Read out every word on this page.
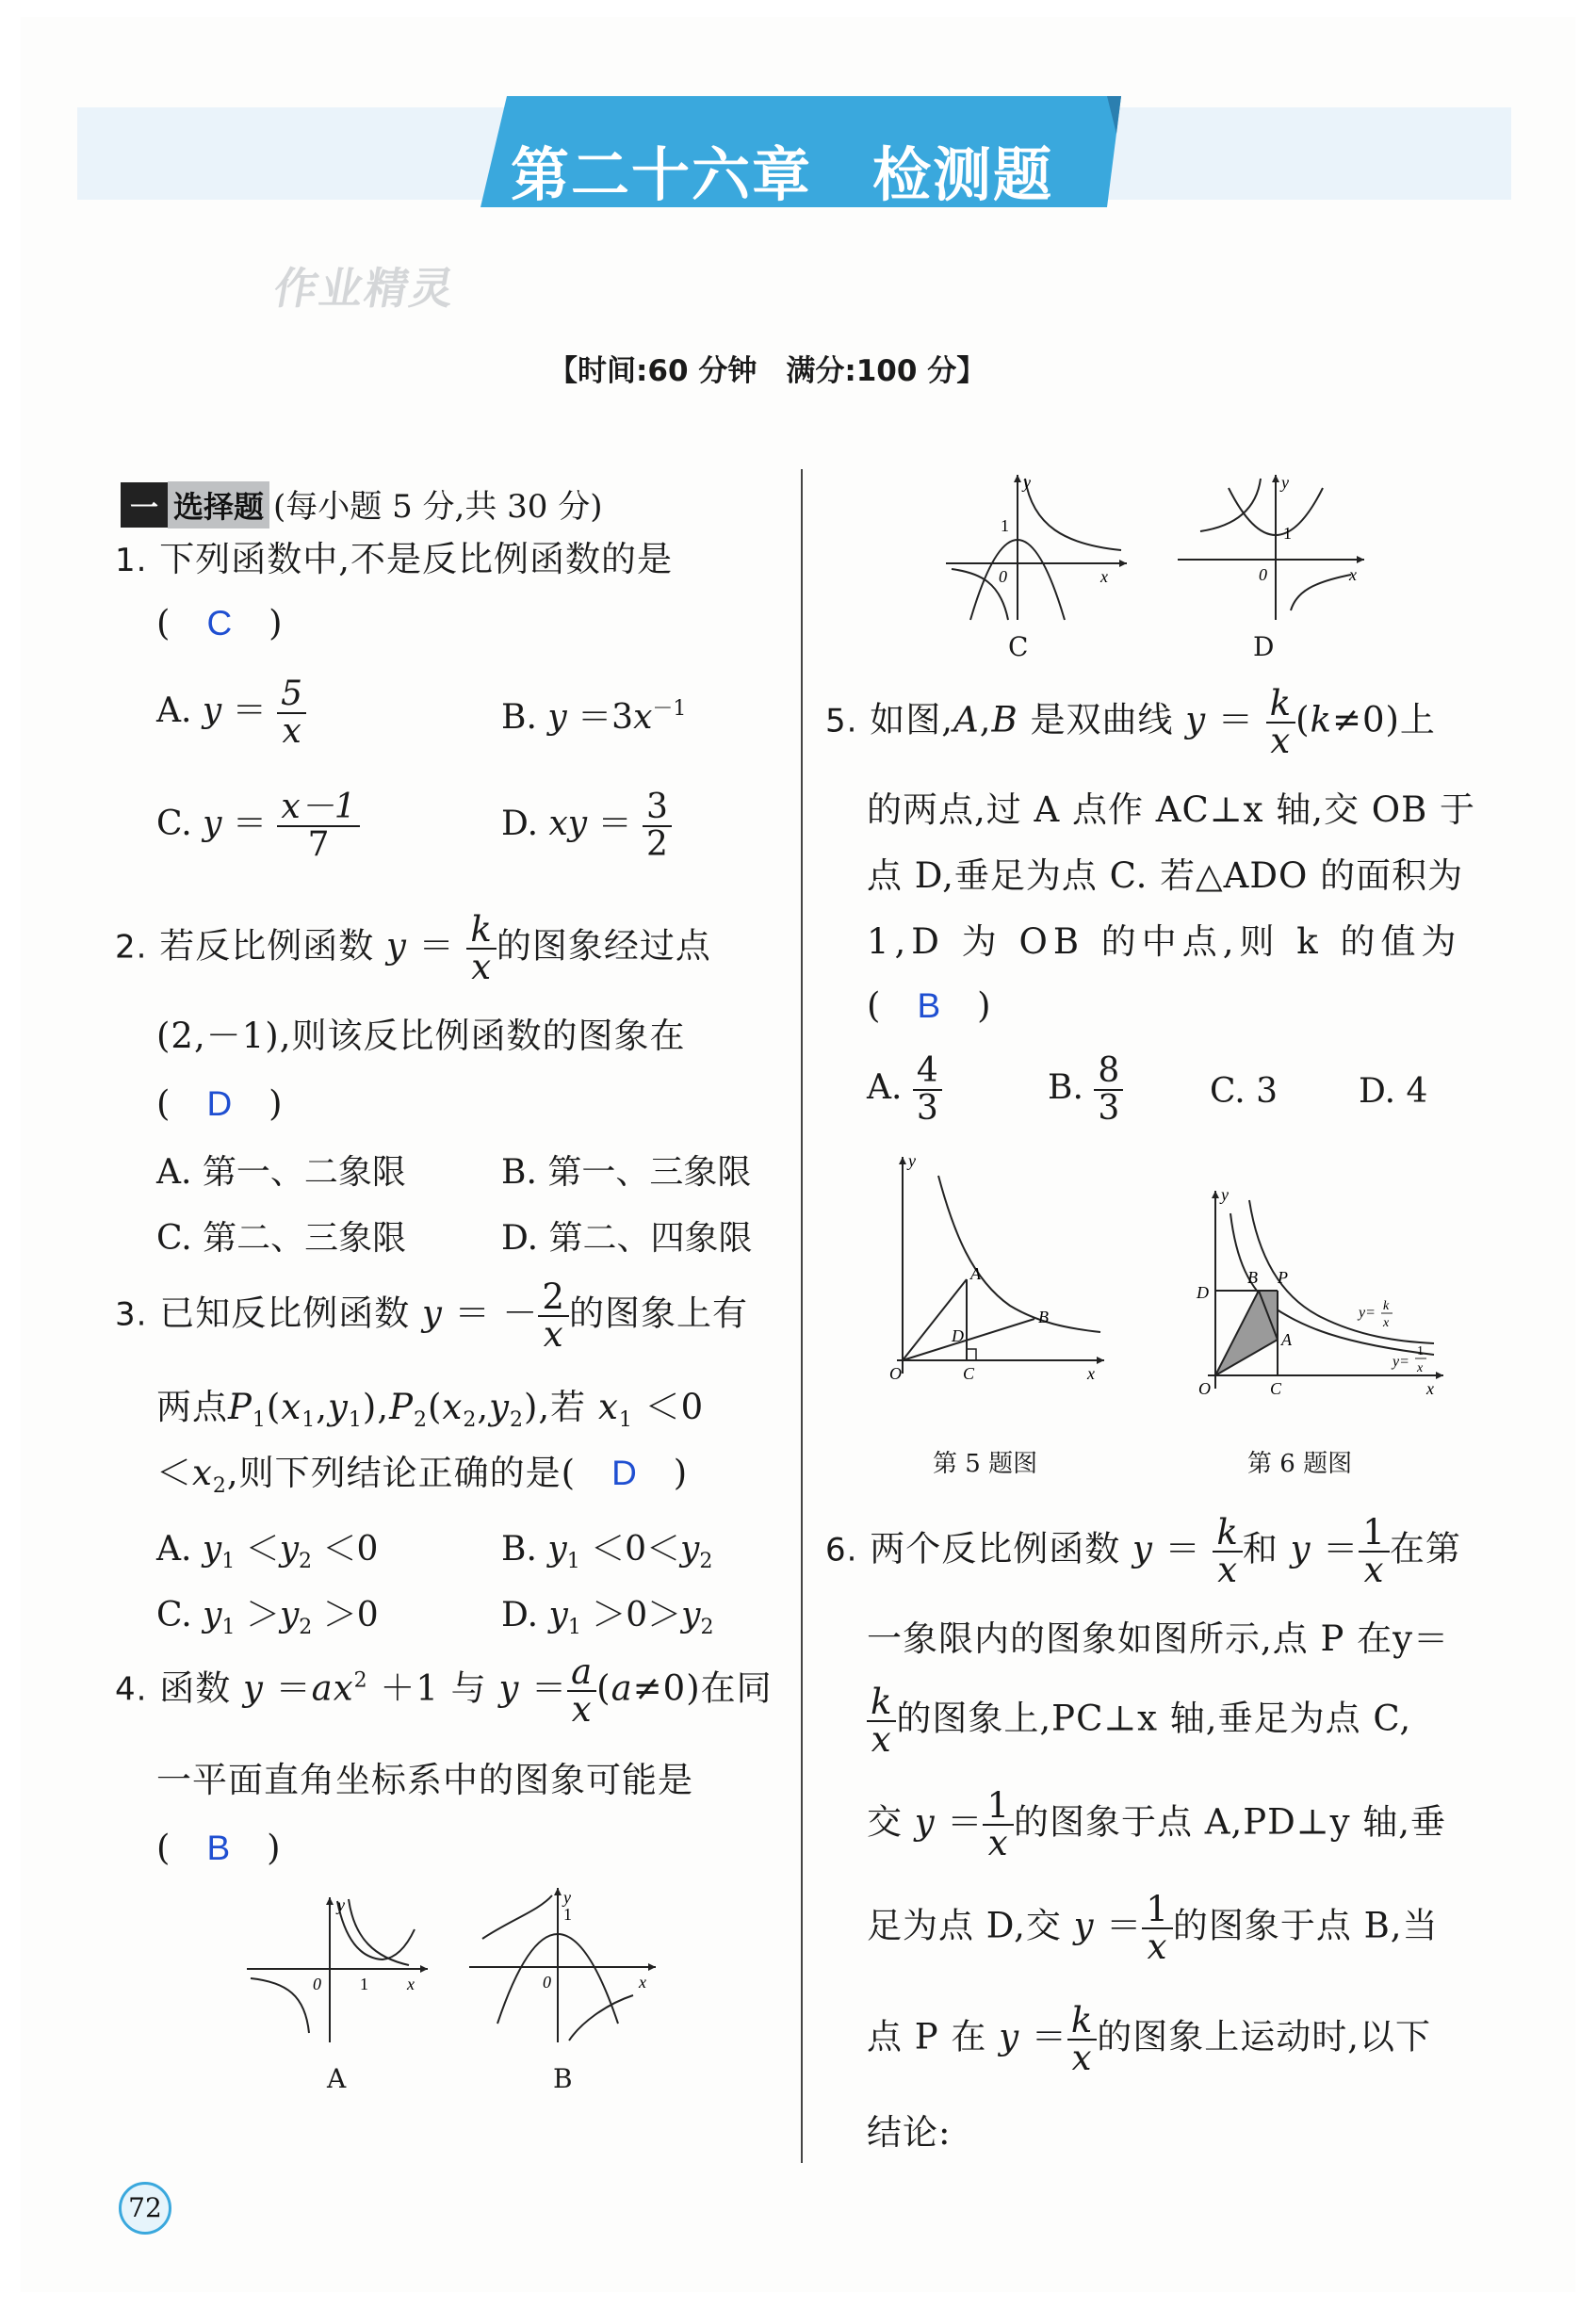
第二十六章　检测题
作业精灵
【时间:60 分钟　满分:100 分】
一 选择题 (每小题 5 分,共 30 分)
1. 下列函数中,不是反比例函数的是
(　C　)
A. $y = \frac{5}{x}$	B. $y =3x^{-1}$
C. $y = \frac{x-1}{7}$	D. xy ＝ $\frac{3}{2}$
2. 若反比例函数 $y = \frac{k}{x}$ 的图象经过点
(2,－1),则该反比例函数的图象在
(　D　)
A. 第一、二象限	B. 第一、三象限
C. 第二、三象限	D. 第二、四象限
3. 已知反比例函数 y ＝ － $\frac{2}{x}$ 的图象上有
两点$P_1(x_1,y_1),P_2(x_2,y_2)$,若 $x_1 <0$
$<x_2$,则下列结论正确的是(　 D　)
A. $y_1 <y_2 <0$	B. $y_1 <0<y_2$
C. $y_1 >y_2 >0$	D. $y_1 >0>y_2$
4. 函数 $y =ax^2 +1$ 与 $y = \frac{a}{x} (a\ne 0)$在同
一平面直角坐标系中的图象可能是
(　B　)
y
0 1 x
A
y
1
0	x
B
y
1
0	x
C
y
1
0	x
D
5. 如图,A,B 是双曲线 $y = \frac{k}{x} (k\ne 0)$上
的两点,过 A 点作 AC⊥x 轴,交 OB 于
点 D,垂足为点 C. 若△ADO 的面积为
1,D 为 OB 的中点,则 k 的值为
(　B　)
A. $\frac{4}{3}$	B. $\frac{8}{3}$	C. 3 D. 4
y
O	C	x
A
D
B
第 5 题图
y
O	C	x
D
B P
A
y= k
x
y=
1
x
第 6 题图
6. 两个反比例函数 $y = \frac{k}{x}$ 和 $y = \frac{1}{x}$ 在第
一象限内的图象如图所示,点 P 在y＝
$\frac{k}{x}$ 的图象上,PC⊥x 轴,垂足为点 C,
交 $y = \frac{1}{x}$ 的图象于点 A,PD⊥y 轴,垂
足为点 D,交 $y = \frac{1}{x}$ 的图象于点 B,当
点 P 在 $y = \frac{k}{x}$ 的图象上运动时,以下
结论:
72
